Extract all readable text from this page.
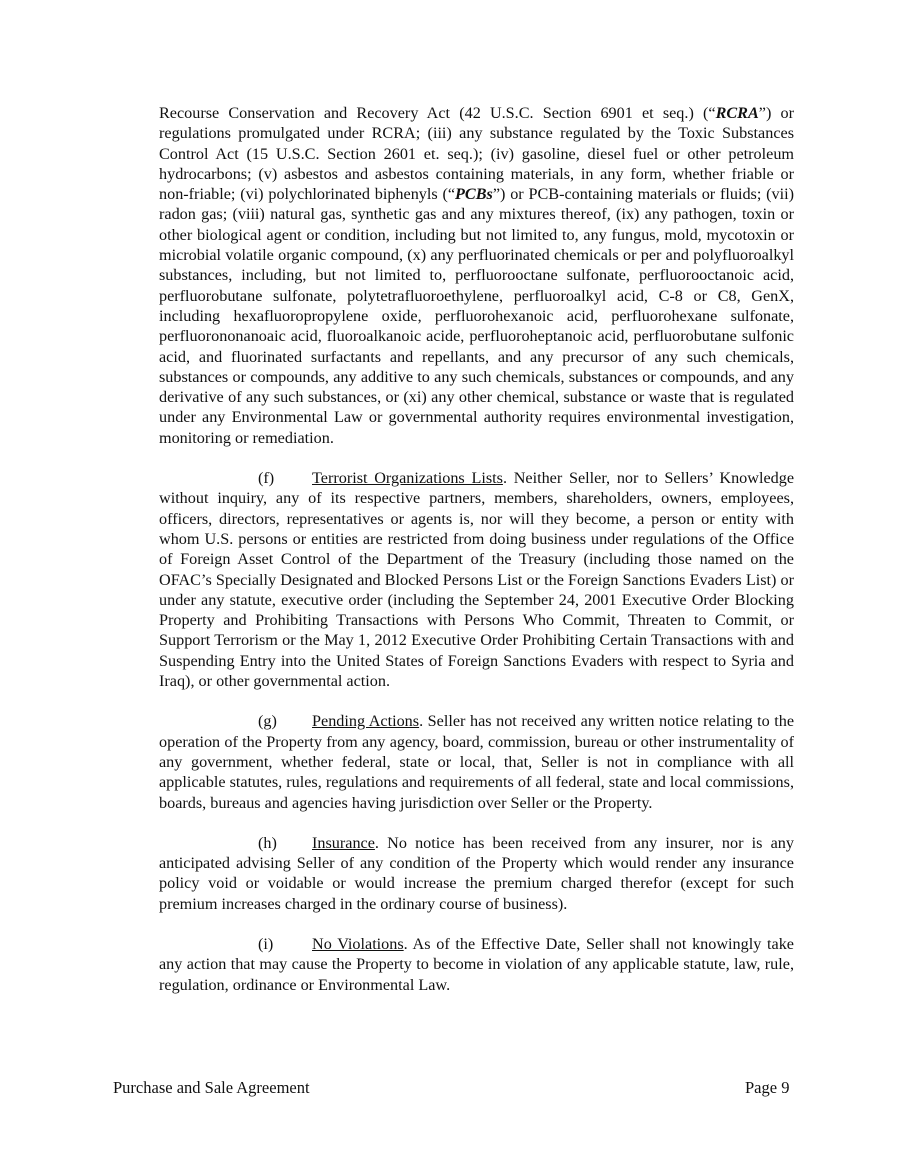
Recourse Conservation and Recovery Act (42 U.S.C. Section 6901 et seq.) (“RCRA”) or regulations promulgated under RCRA; (iii) any substance regulated by the Toxic Substances Control Act (15 U.S.C. Section 2601 et. seq.); (iv) gasoline, diesel fuel or other petroleum hydrocarbons; (v) asbestos and asbestos containing materials, in any form, whether friable or non-friable; (vi) polychlorinated biphenyls (“PCBs”) or PCB-containing materials or fluids; (vii) radon gas; (viii) natural gas, synthetic gas and any mixtures thereof, (ix) any pathogen, toxin or other biological agent or condition, including but not limited to, any fungus, mold, mycotoxin or microbial volatile organic compound, (x) any perfluorinated chemicals or per and polyfluoroalkyl substances, including, but not limited to, perfluorooctane sulfonate, perfluorooctanoic acid, perfluorobutane sulfonate, polytetrafluoroethylene, perfluoroalkyl acid, C-8 or C8, GenX, including hexafluoropropylene oxide, perfluorohexanoic acid, perfluorohexane sulfonate, perfluorononanoaic acid, fluoroalkanoic acide, perfluoroheptanoic acid, perfluorobutane sulfonic acid, and fluorinated surfactants and repellants, and any precursor of any such chemicals, substances or compounds, any additive to any such chemicals, substances or compounds, and any derivative of any such substances, or (xi) any other chemical, substance or waste that is regulated under any Environmental Law or governmental authority requires environmental investigation, monitoring or remediation.

(f) Terrorist Organizations Lists. Neither Seller, nor to Sellers’ Knowledge without inquiry, any of its respective partners, members, shareholders, owners, employees, officers, directors, representatives or agents is, nor will they become, a person or entity with whom U.S. persons or entities are restricted from doing business under regulations of the Office of Foreign Asset Control of the Department of the Treasury (including those named on the OFAC’s Specially Designated and Blocked Persons List or the Foreign Sanctions Evaders List) or under any statute, executive order (including the September 24, 2001 Executive Order Blocking Property and Prohibiting Transactions with Persons Who Commit, Threaten to Commit, or Support Terrorism or the May 1, 2012 Executive Order Prohibiting Certain Transactions with and Suspending Entry into the United States of Foreign Sanctions Evaders with respect to Syria and Iraq), or other governmental action.

(g) Pending Actions. Seller has not received any written notice relating to the operation of the Property from any agency, board, commission, bureau or other instrumentality of any government, whether federal, state or local, that, Seller is not in compliance with all applicable statutes, rules, regulations and requirements of all federal, state and local commissions, boards, bureaus and agencies having jurisdiction over Seller or the Property.

(h) Insurance. No notice has been received from any insurer, nor is any anticipated advising Seller of any condition of the Property which would render any insurance policy void or voidable or would increase the premium charged therefor (except for such premium increases charged in the ordinary course of business).

(i) No Violations. As of the Effective Date, Seller shall not knowingly take any action that may cause the Property to become in violation of any applicable statute, law, rule, regulation, ordinance or Environmental Law.

Purchase and Sale Agreement	Page 9
